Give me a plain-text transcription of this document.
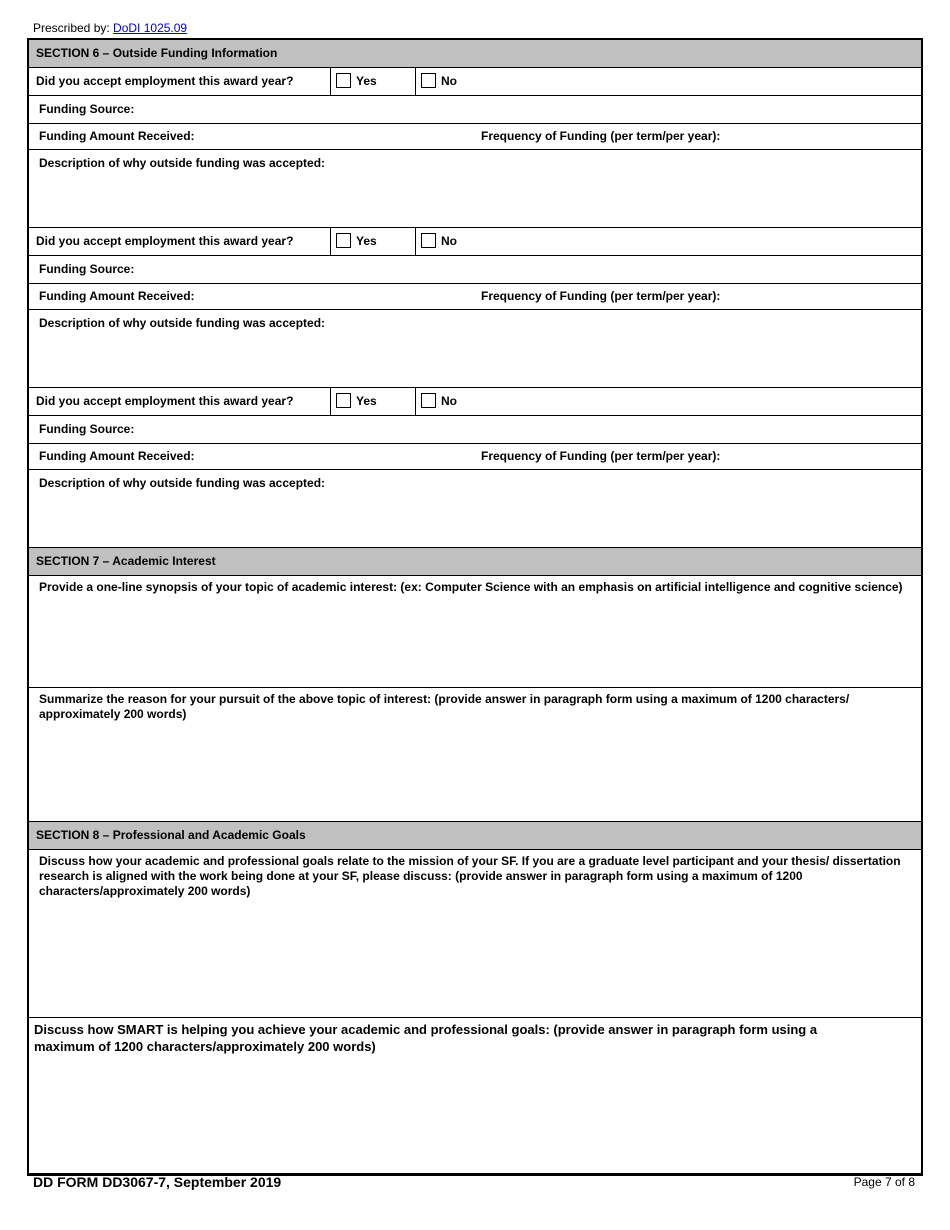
Prescribed by: DoDI 1025.09
SECTION 6 – Outside Funding Information
Did you accept employment this award year?	Yes	No
Funding Source:
Funding Amount Received:	Frequency of Funding (per term/per year):
Description of why outside funding was accepted:
Did you accept employment this award year?	Yes	No
Funding Source:
Funding Amount Received:	Frequency of Funding (per term/per year):
Description of why outside funding was accepted:
Did you accept employment this award year?	Yes	No
Funding Source:
Funding Amount Received:	Frequency of Funding (per term/per year):
Description of why outside funding was accepted:
SECTION 7 – Academic Interest
Provide a one-line synopsis of your topic of academic interest: (ex: Computer Science with an emphasis on artificial intelligence and cognitive science)
Summarize the reason for your pursuit of the above topic of interest: (provide answer in paragraph form using a maximum of 1200 characters/ approximately 200 words)
SECTION 8 – Professional and Academic Goals
Discuss how your academic and professional goals relate to the mission of your SF. If you are a graduate level participant and your thesis/ dissertation research is aligned with the work being done at your SF, please discuss: (provide answer in paragraph form using a maximum of 1200 characters/approximately 200 words)
Discuss how SMART is helping you achieve your academic and professional goals: (provide answer in paragraph form using a maximum of 1200 characters/approximately 200 words)
DD FORM DD3067-7, September 2019	Page 7 of 8
